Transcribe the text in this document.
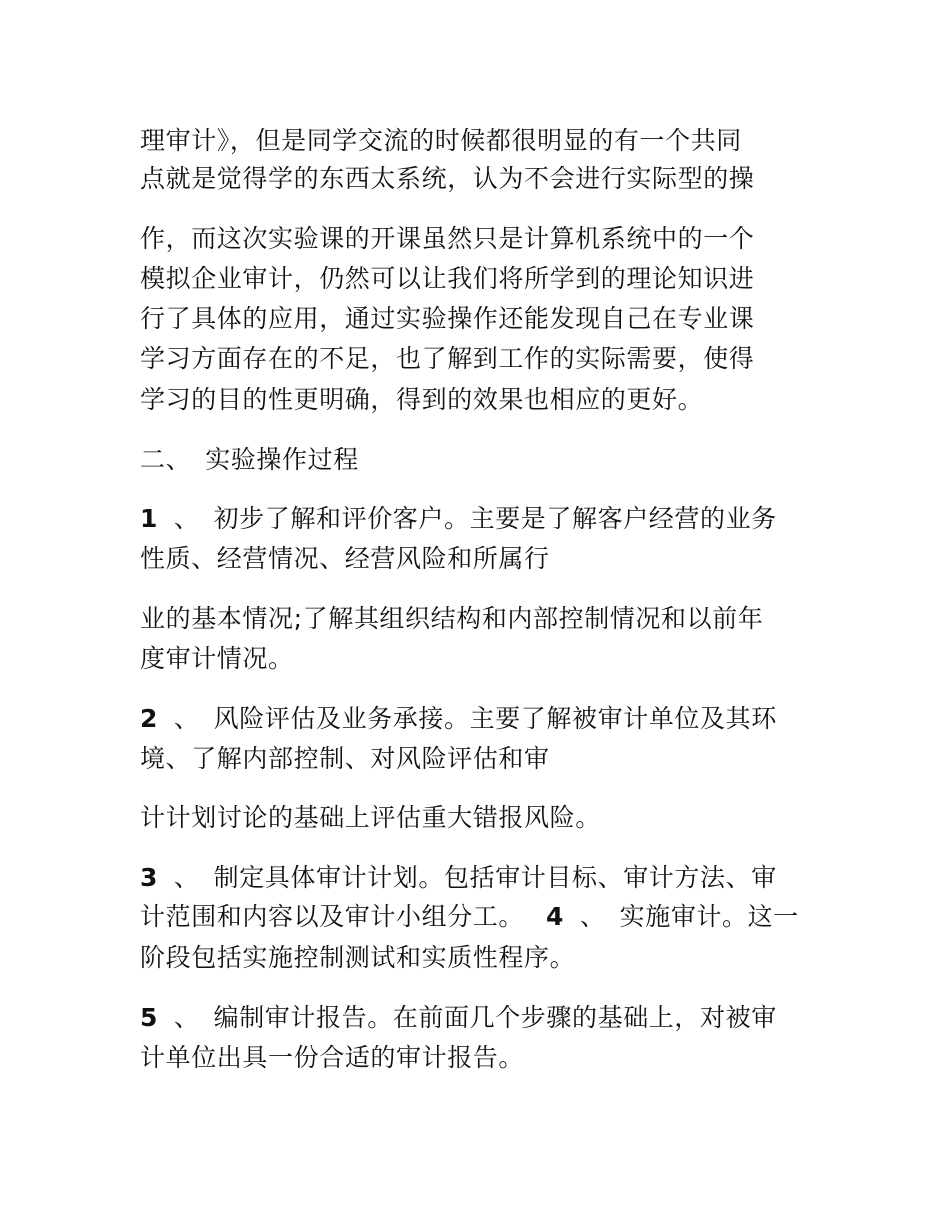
理审计》，但是同学交流的时候都很明显的有一个共同
点就是觉得学的东西太系统，认为不会进行实际型的操
作，而这次实验课的开课虽然只是计算机系统中的一个
模拟企业审计，仍然可以让我们将所学到的理论知识进
行了具体的应用，通过实验操作还能发现自己在专业课
学习方面存在的不足，也了解到工作的实际需要，使得
学习的目的性更明确，得到的效果也相应的更好。
二、 实验操作过程
1 、 初步了解和评价客户。主要是了解客户经营的业务
性质、经营情况、经营风险和所属行
业的基本情况;了解其组织结构和内部控制情况和以前年
度审计情况。
2 、 风险评估及业务承接。主要了解被审计单位及其环
境、了解内部控制、对风险评估和审
计计划讨论的基础上评估重大错报风险。
3 、 制定具体审计计划。包括审计目标、审计方法、审
计范围和内容以及审计小组分工。 4 、 实施审计。这一
阶段包括实施控制测试和实质性程序。
5 、 编制审计报告。在前面几个步骤的基础上，对被审
计单位出具一份合适的审计报告。
